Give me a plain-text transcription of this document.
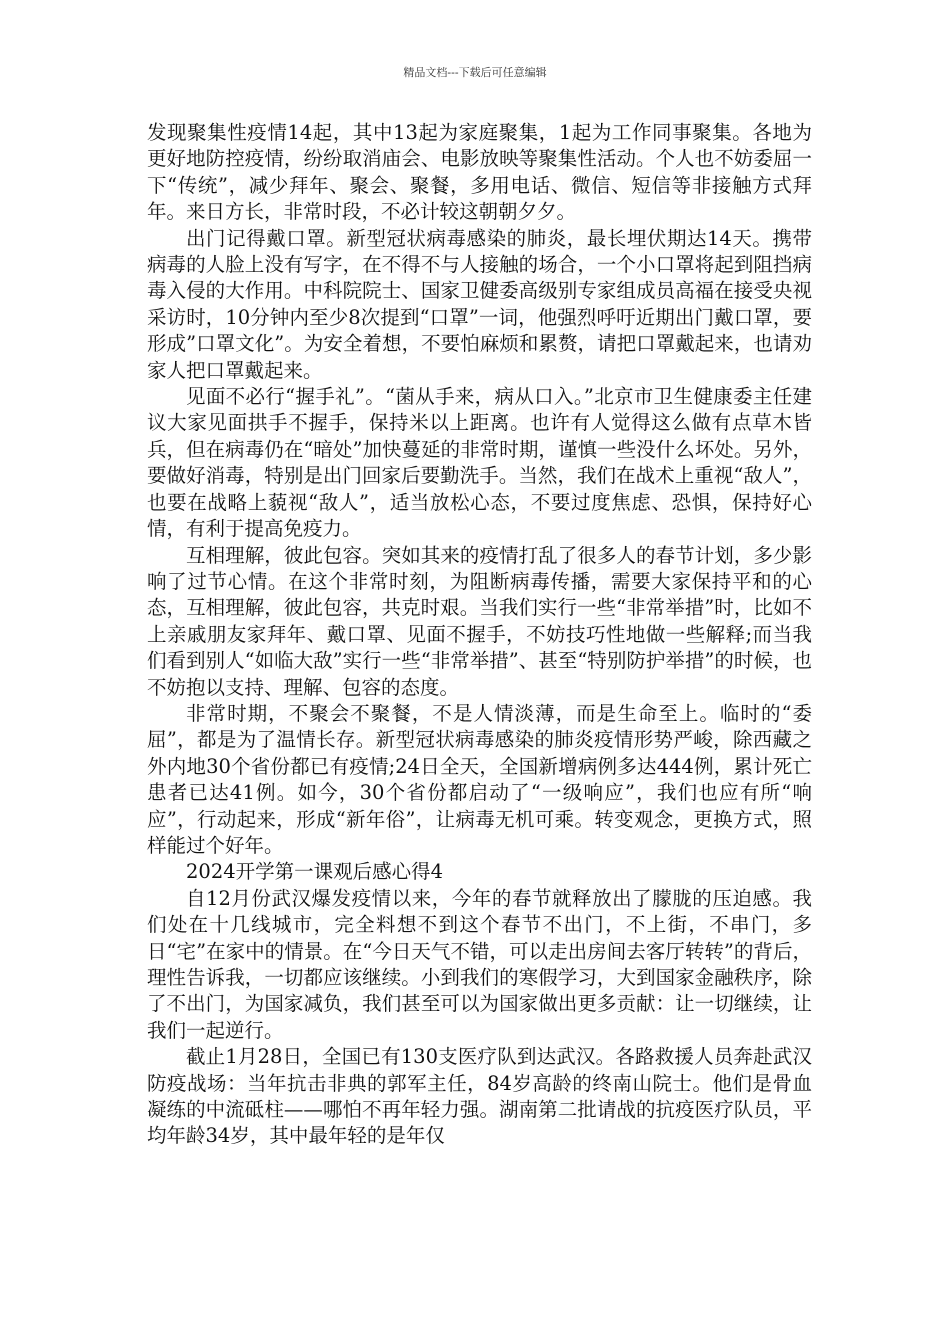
精品文档---下载后可任意编辑

发现聚集性疫情14起，其中13起为家庭聚集，1起为工作同事聚集。各地为更好地防控疫情，纷纷取消庙会、电影放映等聚集性活动。个人也不妨委屈一下“传统”，减少拜年、聚会、聚餐，多用电话、微信、短信等非接触方式拜年。来日方长，非常时段，不必计较这朝朝夕夕。

出门记得戴口罩。新型冠状病毒感染的肺炎，最长埋伏期达14天。携带病毒的人脸上没有写字，在不得不与人接触的场合，一个小口罩将起到阻挡病毒入侵的大作用。中科院院士、国家卫健委高级别专家组成员高福在接受央视采访时，10分钟内至少8次提到“口罩”一词，他强烈呼吁近期出门戴口罩，要形成”口罩文化”。为安全着想，不要怕麻烦和累赘，请把口罩戴起来，也请劝家人把口罩戴起来。

见面不必行“握手礼”。“菌从手来，病从口入。”北京市卫生健康委主任建议大家见面拱手不握手，保持米以上距离。也许有人觉得这么做有点草木皆兵，但在病毒仍在“暗处”加快蔓延的非常时期，谨慎一些没什么坏处。另外，要做好消毒，特别是出门回家后要勤洗手。当然，我们在战术上重视“敌人”，也要在战略上藐视“敌人”，适当放松心态，不要过度焦虑、恐惧，保持好心情，有利于提高免疫力。

互相理解，彼此包容。突如其来的疫情打乱了很多人的春节计划，多少影响了过节心情。在这个非常时刻，为阻断病毒传播，需要大家保持平和的心态，互相理解，彼此包容，共克时艰。当我们实行一些“非常举措”时，比如不上亲戚朋友家拜年、戴口罩、见面不握手，不妨技巧性地做一些解释;而当我们看到别人“如临大敌”实行一些“非常举措”、甚至“特别防护举措”的时候，也不妨抱以支持、理解、包容的态度。

非常时期，不聚会不聚餐，不是人情淡薄，而是生命至上。临时的“委屈”，都是为了温情长存。新型冠状病毒感染的肺炎疫情形势严峻，除西藏之外内地30个省份都已有疫情;24日全天，全国新增病例多达444例，累计死亡患者已达41例。如今，30个省份都启动了“一级响应”，我们也应有所“响应”，行动起来，形成“新年俗”，让病毒无机可乘。转变观念，更换方式，照样能过个好年。

2024开学第一课观后感心得4

自12月份武汉爆发疫情以来，今年的春节就释放出了朦胧的压迫感。我们处在十几线城市，完全料想不到这个春节不出门，不上街，不串门，多日“宅”在家中的情景。在“今日天气不错，可以走出房间去客厅转转”的背后，理性告诉我，一切都应该继续。小到我们的寒假学习，大到国家金融秩序，除了不出门，为国家减负，我们甚至可以为国家做出更多贡献：让一切继续，让我们一起逆行。

截止1月28日，全国已有130支医疗队到达武汉。各路救援人员奔赴武汉防疫战场：当年抗击非典的郭军主任，84岁高龄的终南山院士。他们是骨血凝练的中流砥柱——哪怕不再年轻力强。湖南第二批请战的抗疫医疗队员，平均年龄34岁，其中最年轻的是年仅
